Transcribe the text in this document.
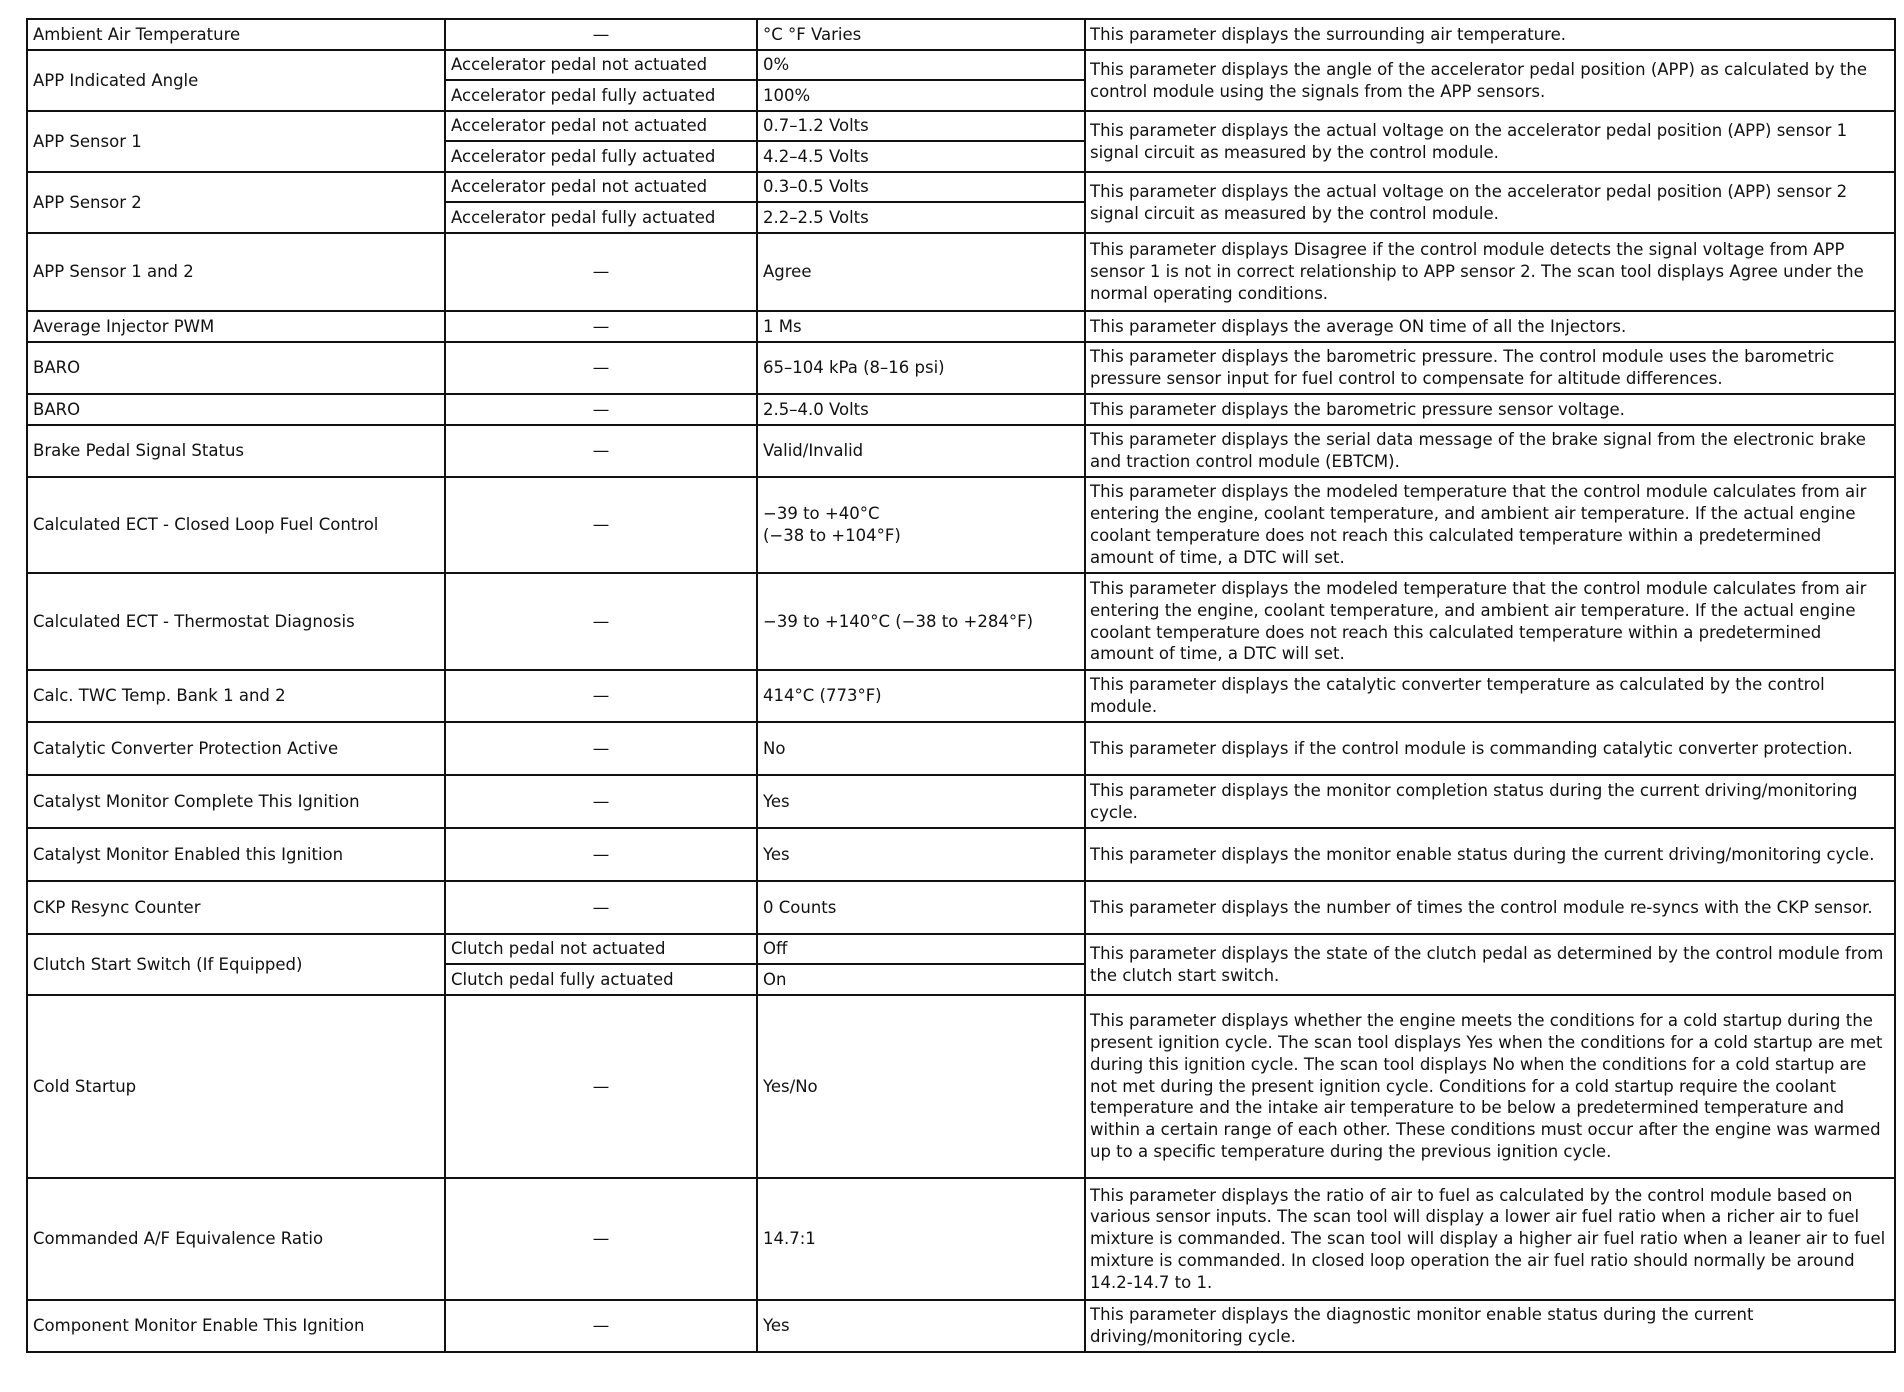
Ambient Air Temperature	—	°C °F Varies	This parameter displays the surrounding air temperature.
APP Indicated Angle	Accelerator pedal not actuated	0%	This parameter displays the angle of the accelerator pedal position (APP) as calculated by the control module using the signals from the APP sensors.
	Accelerator pedal fully actuated	100%	
APP Sensor 1	Accelerator pedal not actuated	0.7–1.2 Volts	This parameter displays the actual voltage on the accelerator pedal position (APP) sensor 1 signal circuit as measured by the control module.
	Accelerator pedal fully actuated	4.2–4.5 Volts	
APP Sensor 2	Accelerator pedal not actuated	0.3–0.5 Volts	This parameter displays the actual voltage on the accelerator pedal position (APP) sensor 2 signal circuit as measured by the control module.
	Accelerator pedal fully actuated	2.2–2.5 Volts	
APP Sensor 1 and 2	—	Agree	This parameter displays Disagree if the control module detects the signal voltage from APP sensor 1 is not in correct relationship to APP sensor 2. The scan tool displays Agree under the normal operating conditions.
Average Injector PWM	—	1 Ms	This parameter displays the average ON time of all the Injectors.
BARO	—	65–104 kPa (8–16 psi)	This parameter displays the barometric pressure. The control module uses the barometric pressure sensor input for fuel control to compensate for altitude differences.
BARO	—	2.5–4.0 Volts	This parameter displays the barometric pressure sensor voltage.
Brake Pedal Signal Status	—	Valid/Invalid	This parameter displays the serial data message of the brake signal from the electronic brake and traction control module (EBTCM).
Calculated ECT - Closed Loop Fuel Control	—	−39 to +40°C
(−38 to +104°F)	This parameter displays the modeled temperature that the control module calculates from air entering the engine, coolant temperature, and ambient air temperature. If the actual engine coolant temperature does not reach this calculated temperature within a predetermined amount of time, a DTC will set.
Calculated ECT - Thermostat Diagnosis	—	−39 to +140°C (−38 to +284°F)	This parameter displays the modeled temperature that the control module calculates from air entering the engine, coolant temperature, and ambient air temperature. If the actual engine coolant temperature does not reach this calculated temperature within a predetermined amount of time, a DTC will set.
Calc. TWC Temp. Bank 1 and 2	—	414°C (773°F)	This parameter displays the catalytic converter temperature as calculated by the control module.
Catalytic Converter Protection Active	—	No	This parameter displays if the control module is commanding catalytic converter protection.
Catalyst Monitor Complete This Ignition	—	Yes	This parameter displays the monitor completion status during the current driving/monitoring cycle.
Catalyst Monitor Enabled this Ignition	—	Yes	This parameter displays the monitor enable status during the current driving/monitoring cycle.
CKP Resync Counter	—	0 Counts	This parameter displays the number of times the control module re-syncs with the CKP sensor.
Clutch Start Switch (If Equipped)	Clutch pedal not actuated	Off	This parameter displays the state of the clutch pedal as determined by the control module from the clutch start switch.
	Clutch pedal fully actuated	On	
Cold Startup	—	Yes/No	This parameter displays whether the engine meets the conditions for a cold startup during the present ignition cycle. The scan tool displays Yes when the conditions for a cold startup are met during this ignition cycle. The scan tool displays No when the conditions for a cold startup are not met during the present ignition cycle. Conditions for a cold startup require the coolant temperature and the intake air temperature to be below a predetermined temperature and within a certain range of each other. These conditions must occur after the engine was warmed up to a specific temperature during the previous ignition cycle.
Commanded A/F Equivalence Ratio	—	14.7:1	This parameter displays the ratio of air to fuel as calculated by the control module based on various sensor inputs. The scan tool will display a lower air fuel ratio when a richer air to fuel mixture is commanded. The scan tool will display a higher air fuel ratio when a leaner air to fuel mixture is commanded. In closed loop operation the air fuel ratio should normally be around 14.2-14.7 to 1.
Component Monitor Enable This Ignition	—	Yes	This parameter displays the diagnostic monitor enable status during the current driving/monitoring cycle.
